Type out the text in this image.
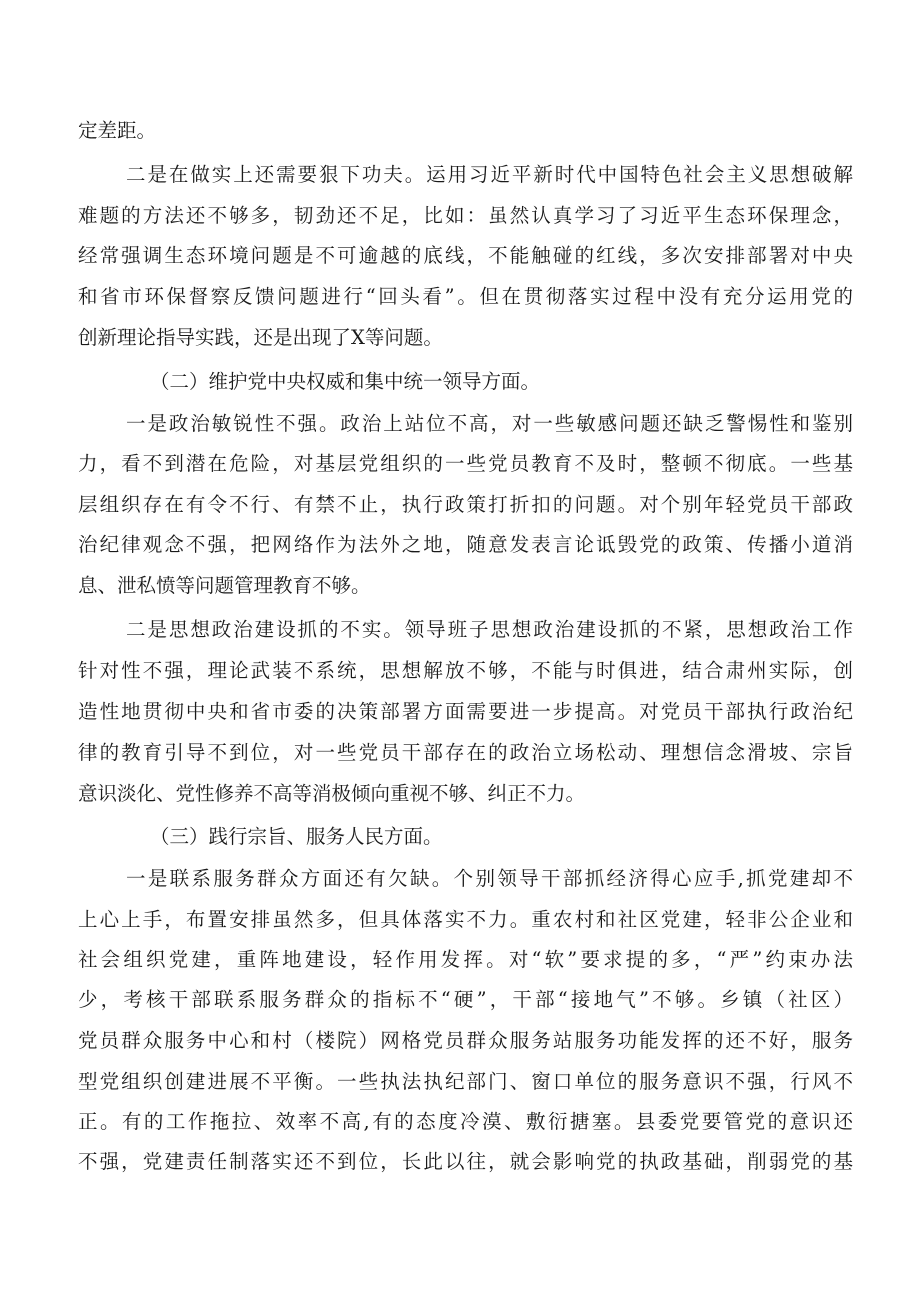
定差距。
二是在做实上还需要狠下功夫。运用习近平新时代中国特色社会主义思想破解
难题的方法还不够多，韧劲还不足，比如：虽然认真学习了习近平生态环保理念，
经常强调生态环境问题是不可逾越的底线，不能触碰的红线，多次安排部署对中央
和省市环保督察反馈问题进行“回头看”。但在贯彻落实过程中没有充分运用党的
创新理论指导实践，还是出现了X等问题。
（二）维护党中央权威和集中统一领导方面。
一是政治敏锐性不强。政治上站位不高，对一些敏感问题还缺乏警惕性和鉴别
力，看不到潜在危险，对基层党组织的一些党员教育不及时，整顿不彻底。一些基
层组织存在有令不行、有禁不止，执行政策打折扣的问题。对个别年轻党员干部政
治纪律观念不强，把网络作为法外之地，随意发表言论诋毁党的政策、传播小道消
息、泄私愤等问题管理教育不够。
二是思想政治建设抓的不实。领导班子思想政治建设抓的不紧，思想政治工作
针对性不强，理论武装不系统，思想解放不够，不能与时俱进，结合肃州实际，创
造性地贯彻中央和省市委的决策部署方面需要进一步提高。对党员干部执行政治纪
律的教育引导不到位，对一些党员干部存在的政治立场松动、理想信念滑坡、宗旨
意识淡化、党性修养不高等消极倾向重视不够、纠正不力。
（三）践行宗旨、服务人民方面。
一是联系服务群众方面还有欠缺。个别领导干部抓经济得心应手,抓党建却不
上心上手，布置安排虽然多，但具体落实不力。重农村和社区党建，轻非公企业和
社会组织党建，重阵地建设，轻作用发挥。对“软”要求提的多，“严”约束办法
少，考核干部联系服务群众的指标不“硬”，干部“接地气”不够。乡镇（社区）
党员群众服务中心和村（楼院）网格党员群众服务站服务功能发挥的还不好，服务
型党组织创建进展不平衡。一些执法执纪部门、窗口单位的服务意识不强，行风不
正。有的工作拖拉、效率不高,有的态度冷漠、敷衍搪塞。县委党要管党的意识还
不强，党建责任制落实还不到位，长此以往，就会影响党的执政基础，削弱党的基
